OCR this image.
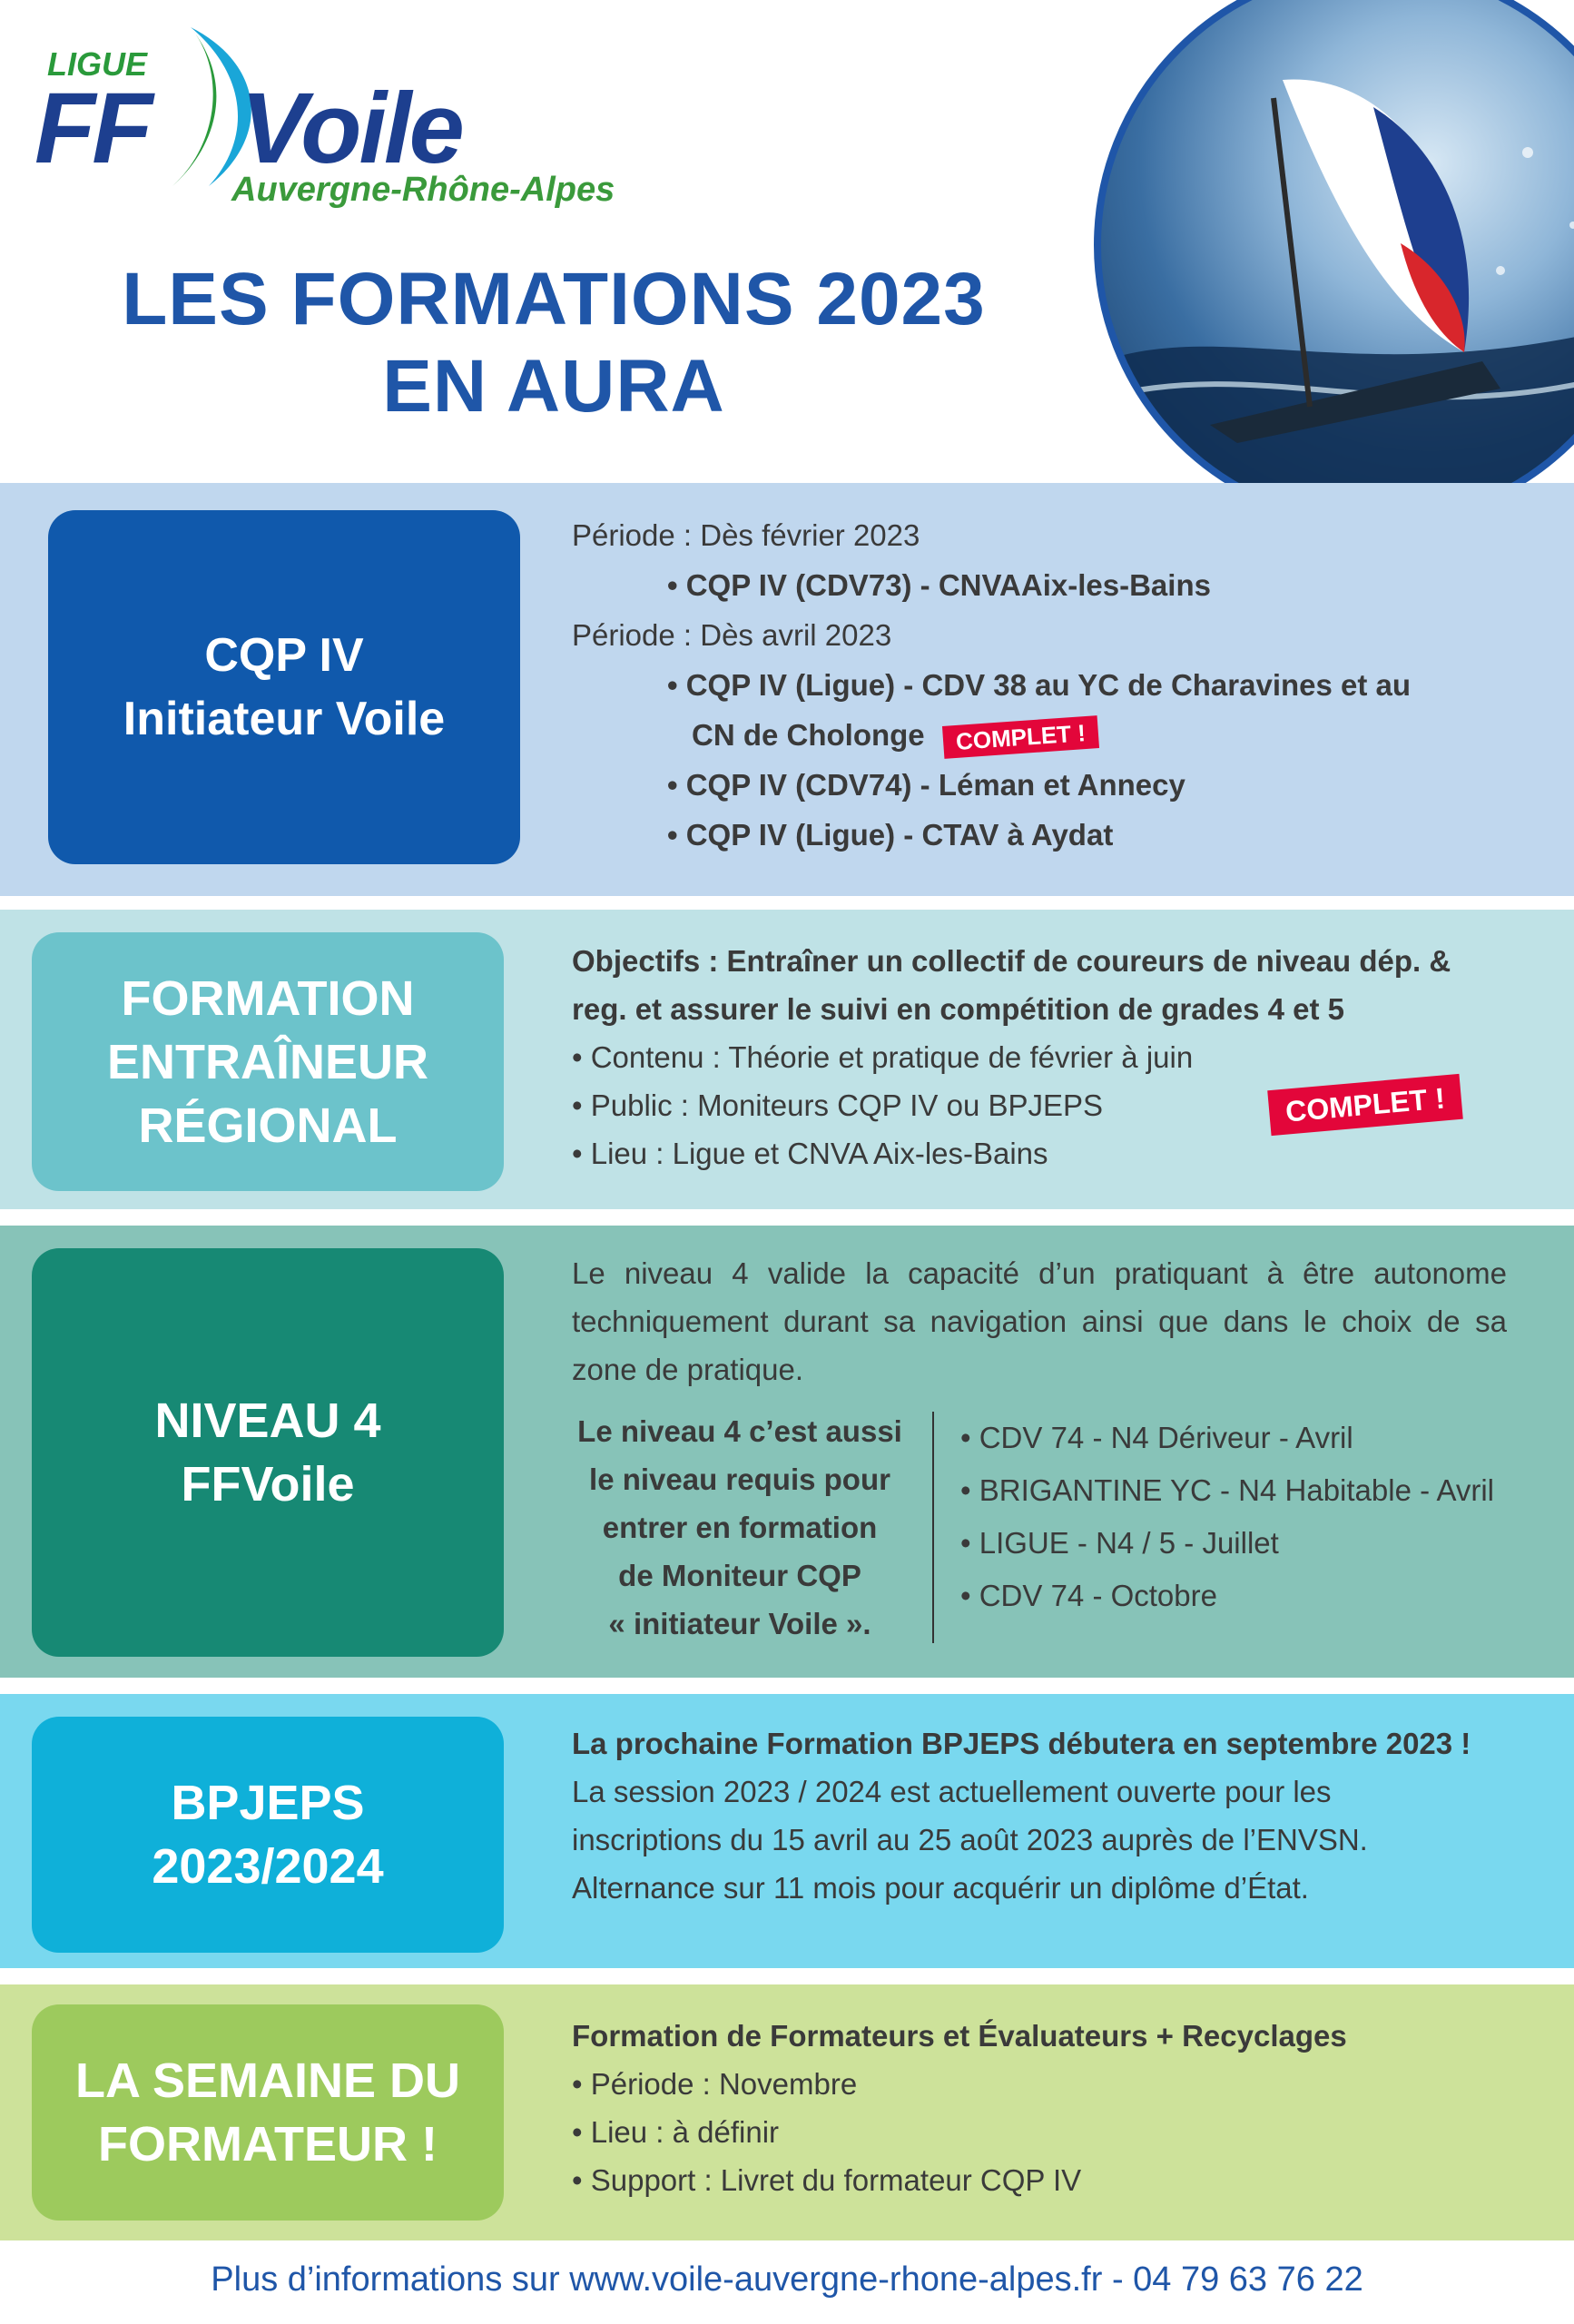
LIGUE
FF Voile
Auvergne-Rhône-Alpes
LES FORMATIONS 2023
EN AURA
CQP IV
Initiateur Voile
Période : Dès février 2023
• CQP IV (CDV73) - CNVAAix-les-Bains
Période : Dès avril 2023
• CQP IV (Ligue) - CDV 38 au YC de Charavines et au
CN de Cholonge COMPLET !
• CQP IV (CDV74) - Léman et Annecy
• CQP IV (Ligue) - CTAV à Aydat
FORMATION
ENTRAÎNEUR
RÉGIONAL
Objectifs : Entraîner un collectif de coureurs de niveau dép. &
reg. et assurer le suivi en compétition de grades 4 et 5
• Contenu : Théorie et pratique de février à juin
• Public : Moniteurs CQP IV ou BPJEPS
• Lieu : Ligue et CNVA Aix-les-Bains
COMPLET !
NIVEAU 4
FFVoile
Le niveau 4 valide la capacité d’un pratiquant à être autonome
techniquement durant sa navigation ainsi que dans le choix de sa
zone de pratique.
Le niveau 4 c’est aussi
le niveau requis pour
entrer en formation
de Moniteur CQP
« initiateur Voile ».
• CDV 74 - N4 Dériveur - Avril
• BRIGANTINE YC - N4 Habitable - Avril
• LIGUE - N4 / 5 - Juillet
• CDV 74 - Octobre
BPJEPS
2023/2024
La prochaine Formation BPJEPS débutera en septembre 2023 !
La session 2023 / 2024 est actuellement ouverte pour les
inscriptions du 15 avril au 25 août 2023 auprès de l’ENVSN.
Alternance sur 11 mois pour acquérir un diplôme d’État.
LA SEMAINE DU
FORMATEUR !
Formation de Formateurs et Évaluateurs + Recyclages
• Période : Novembre
• Lieu : à définir
• Support : Livret du formateur CQP IV
Plus d’informations sur www.voile-auvergne-rhone-alpes.fr - 04 79 63 76 22
